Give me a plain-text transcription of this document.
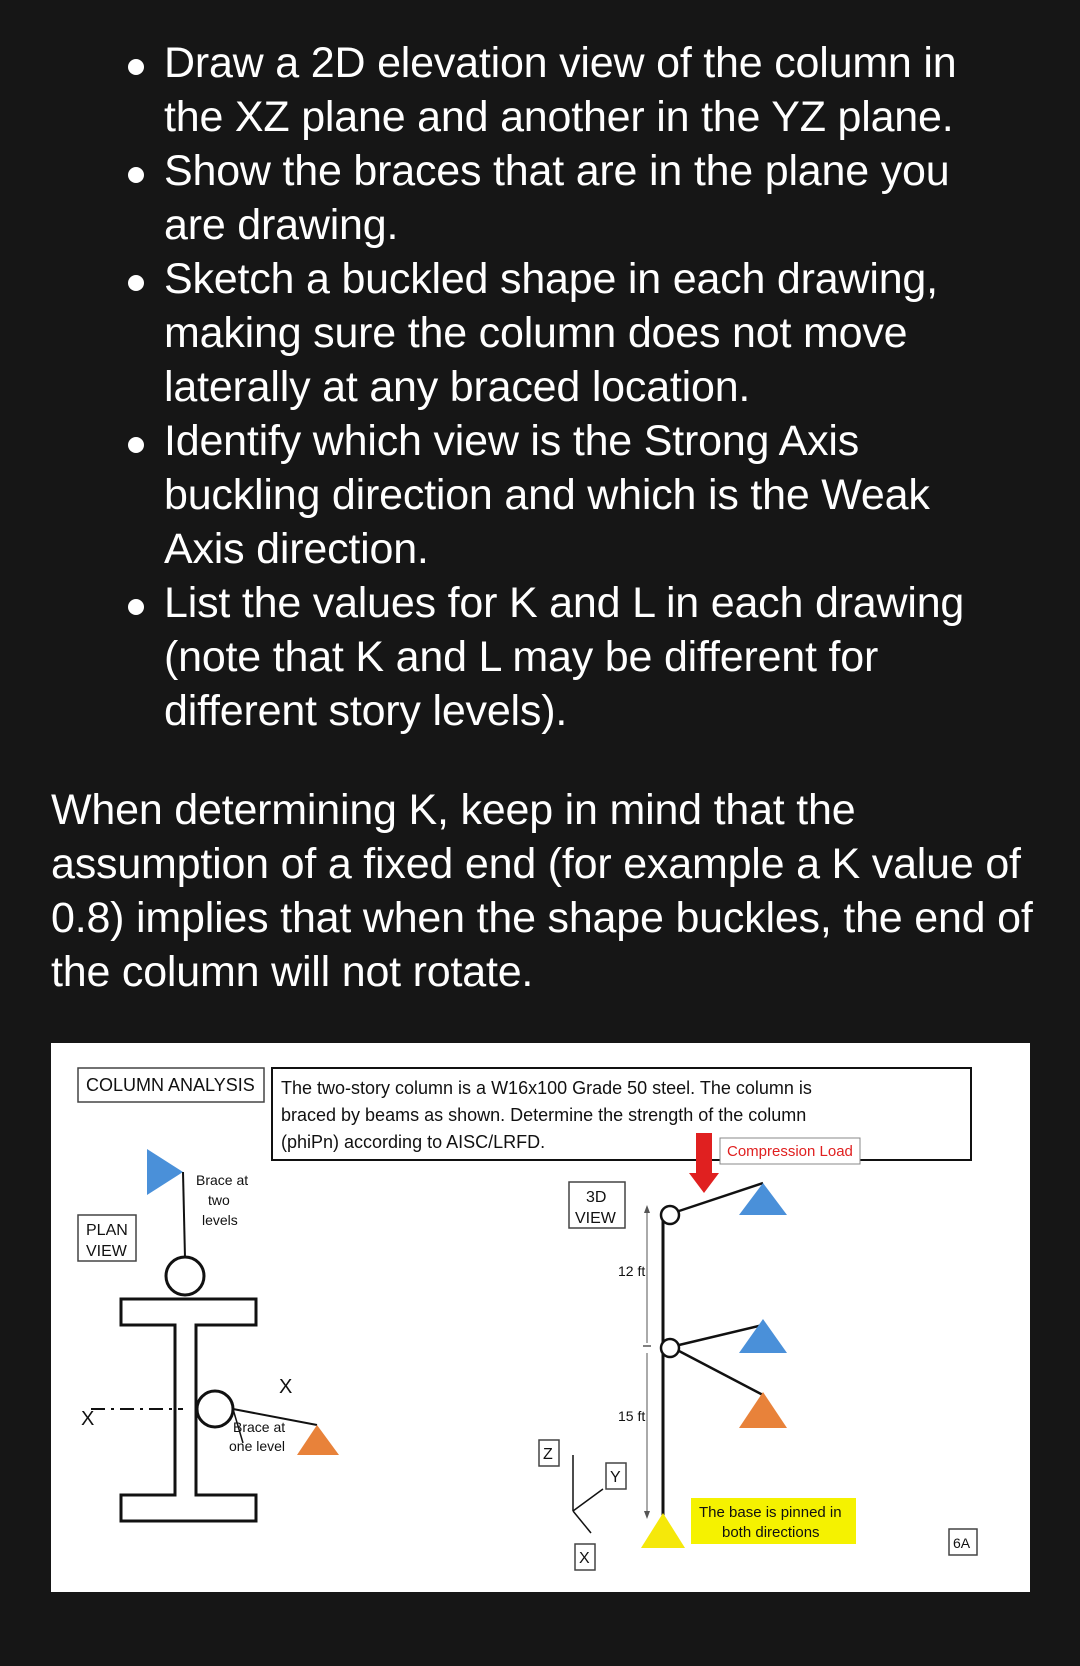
Draw a 2D elevation view of the column in the XZ plane and another in the YZ plane.
Show the braces that are in the plane you are drawing.
Sketch a buckled shape in each drawing, making sure the column does not move laterally at any braced location.
Identify which view is the Strong Axis buckling direction and which is the Weak Axis direction.
List the values for K and L in each drawing (note that K and L may be different for different story levels).

When determining K, keep in mind that the assumption of a fixed end (for example a K value of 0.8) implies that when the shape buckles, the end of the column will not rotate.

COLUMN ANALYSIS The two-story column is a W16x100 Grade 50 steel. The column is
braced by beams as shown. Determine the strength of the column
(phiPn) according to AISC/LRFD.	Compression Load
PLAN
VIEW
Brace at
two
levels
X
X
Brace at
one level
3D
VIEW
12 ft
15 ft
The base is pinned in
both directions
Z
Y
X
6A
